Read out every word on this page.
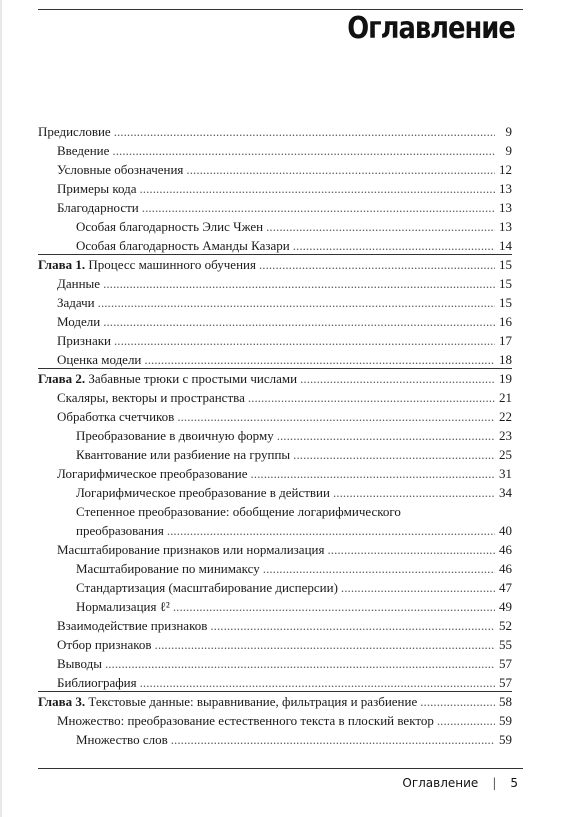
Оглавление
Предисловие . . .	9
Введение . . .	9
Условные обозначения . . .	12
Примеры кода . . .	13
Благодарности . . .	13
Особая благодарность Элис Чжен . . .	13
Особая благодарность Аманды Казари . . .	14
Глава 1. Процесс машинного обучения . . .	15
Данные . . .	15
Задачи . . .	15
Модели . . .	16
Признаки . . .	17
Оценка модели . . .	18
Глава 2. Забавные трюки с простыми числами . . .	19
Скаляры, векторы и пространства . . .	21
Обработка счетчиков . . .	22
Преобразование в двоичную форму . . .	23
Квантование или разбиение на группы . . .	25
Логарифмическое преобразование . . .	31
Логарифмическое преобразование в действии . . .	34
Степенное преобразование: обобщение логарифмического
преобразования . . .	40
Масштабирование признаков или нормализация . . .	46
Масштабирование по минимаксу . . .	46
Стандартизация (масштабирование дисперсии) . . .	47
Нормализация ℓ² . . .	49
Взаимодействие признаков . . .	52
Отбор признаков . . .	55
Выводы . . .	57
Библиография . . .	57
Глава 3. Текстовые данные: выравнивание, фильтрация и разбиение . . .	58
Множество: преобразование естественного текста в плоский вектор . . .	59
Множество слов . . .	59
Оглавление | 5
